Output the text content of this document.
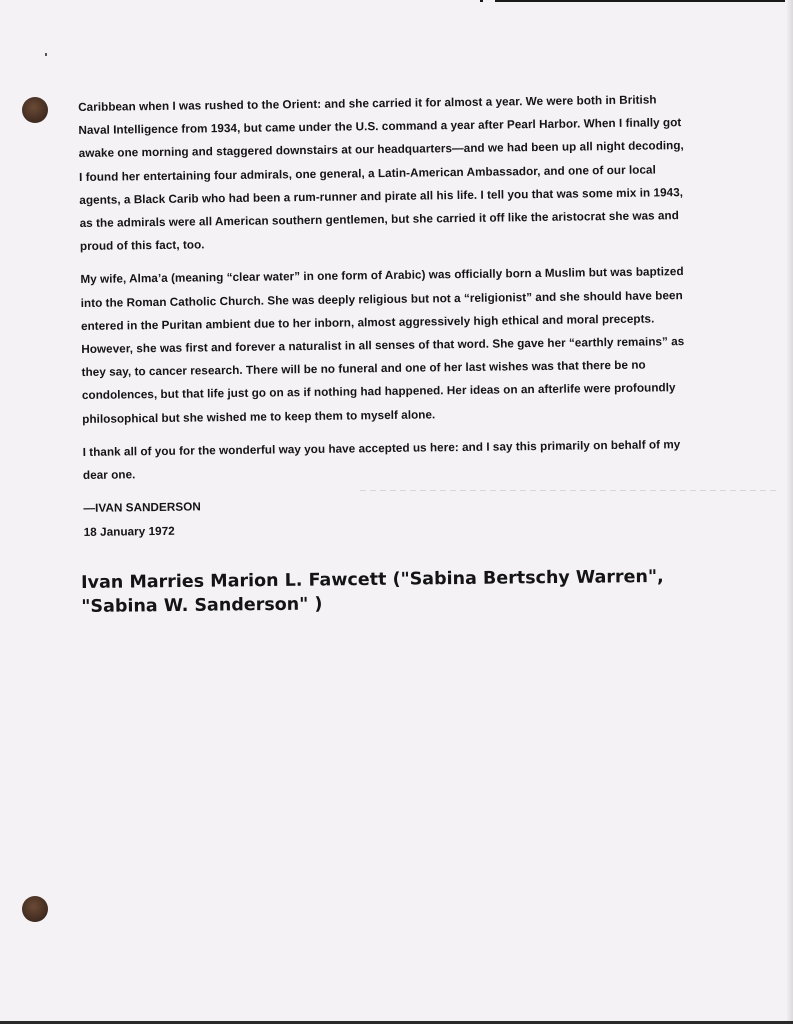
Caribbean when I was rushed to the Orient: and she carried it for almost a year. We were both in British Naval Intelligence from 1934, but came under the U.S. command a year after Pearl Harbor. When I finally got awake one morning and staggered downstairs at our headquarters—and we had been up all night decoding, I found her entertaining four admirals, one general, a Latin-American Ambassador, and one of our local agents, a Black Carib who had been a rum-runner and pirate all his life. I tell you that was some mix in 1943, as the admirals were all American southern gentlemen, but she carried it off like the aristocrat she was and proud of this fact, too.

My wife, Alma’a (meaning “clear water” in one form of Arabic) was officially born a Muslim but was baptized into the Roman Catholic Church. She was deeply religious but not a “religionist” and she should have been entered in the Puritan ambient due to her inborn, almost aggressively high ethical and moral precepts. However, she was first and forever a naturalist in all senses of that word. She gave her “earthly remains” as they say, to cancer research. There will be no funeral and one of her last wishes was that there be no condolences, but that life just go on as if nothing had happened. Her ideas on an afterlife were profoundly philosophical but she wished me to keep them to myself alone.

I thank all of you for the wonderful way you have accepted us here: and I say this primarily on behalf of my dear one.

—IVAN SANDERSON
18 January 1972
Ivan Marries Marion L. Fawcett ("Sabina Bertschy Warren", "Sabina W. Sanderson" )
